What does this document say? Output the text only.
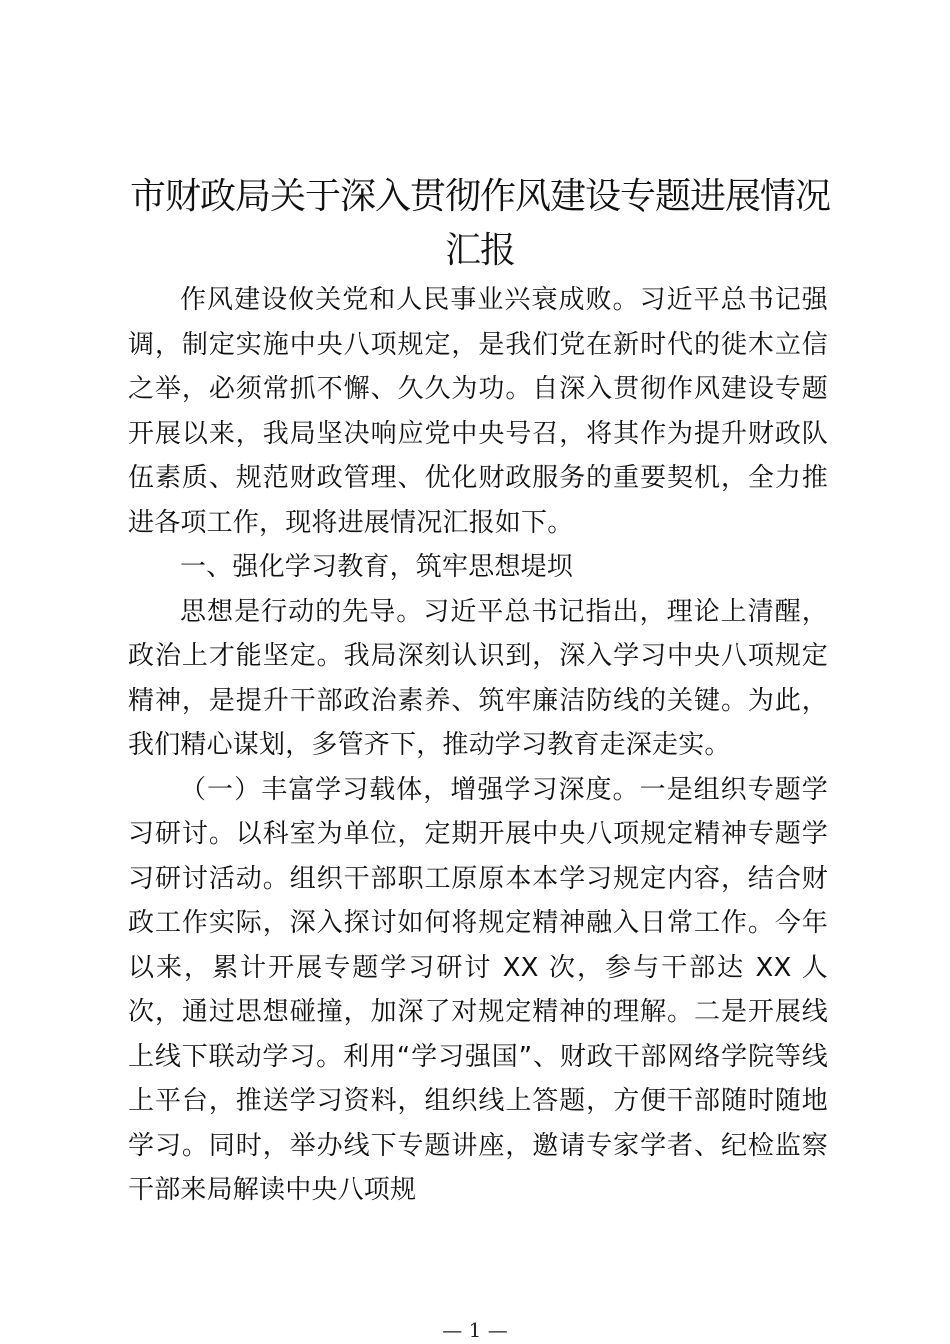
市财政局关于深入贯彻作风建设专题进展情况汇报

作风建设攸关党和人民事业兴衰成败。习近平总书记强调，制定实施中央八项规定，是我们党在新时代的徙木立信之举，必须常抓不懈、久久为功。自深入贯彻作风建设专题开展以来，我局坚决响应党中央号召，将其作为提升财政队伍素质、规范财政管理、优化财政服务的重要契机，全力推进各项工作，现将进展情况汇报如下。

一、强化学习教育，筑牢思想堤坝

思想是行动的先导。习近平总书记指出，理论上清醒，政治上才能坚定。我局深刻认识到，深入学习中央八项规定精神，是提升干部政治素养、筑牢廉洁防线的关键。为此，我们精心谋划，多管齐下，推动学习教育走深走实。

（一）丰富学习载体，增强学习深度。一是组织专题学习研讨。以科室为单位，定期开展中央八项规定精神专题学习研讨活动。组织干部职工原原本本学习规定内容，结合财政工作实际，深入探讨如何将规定精神融入日常工作。今年以来，累计开展专题学习研讨 XX 次，参与干部达 XX 人次，通过思想碰撞，加深了对规定精神的理解。二是开展线上线下联动学习。利用“学习强国”、财政干部网络学院等线上平台，推送学习资料，组织线上答题，方便干部随时随地学习。同时，举办线下专题讲座，邀请专家学者、纪检监察干部来局解读中央八项规

— 1 —
